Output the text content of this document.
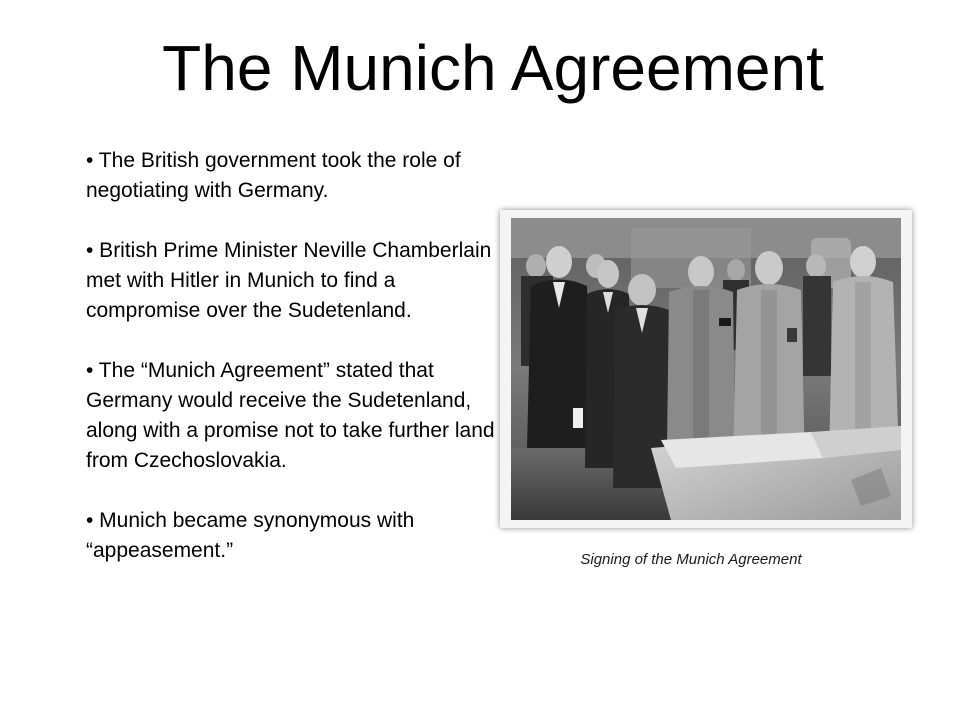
The Munich Agreement
• The British government took the role of negotiating with Germany.
• British Prime Minister Neville Chamberlain met with Hitler in Munich to find a compromise over the Sudetenland.
• The “Munich Agreement” stated that Germany would receive the Sudetenland, along with a promise not to take further land from Czechoslovakia.
• Munich became synonymous with “appeasement.”	Signing of the Munich Agreement
